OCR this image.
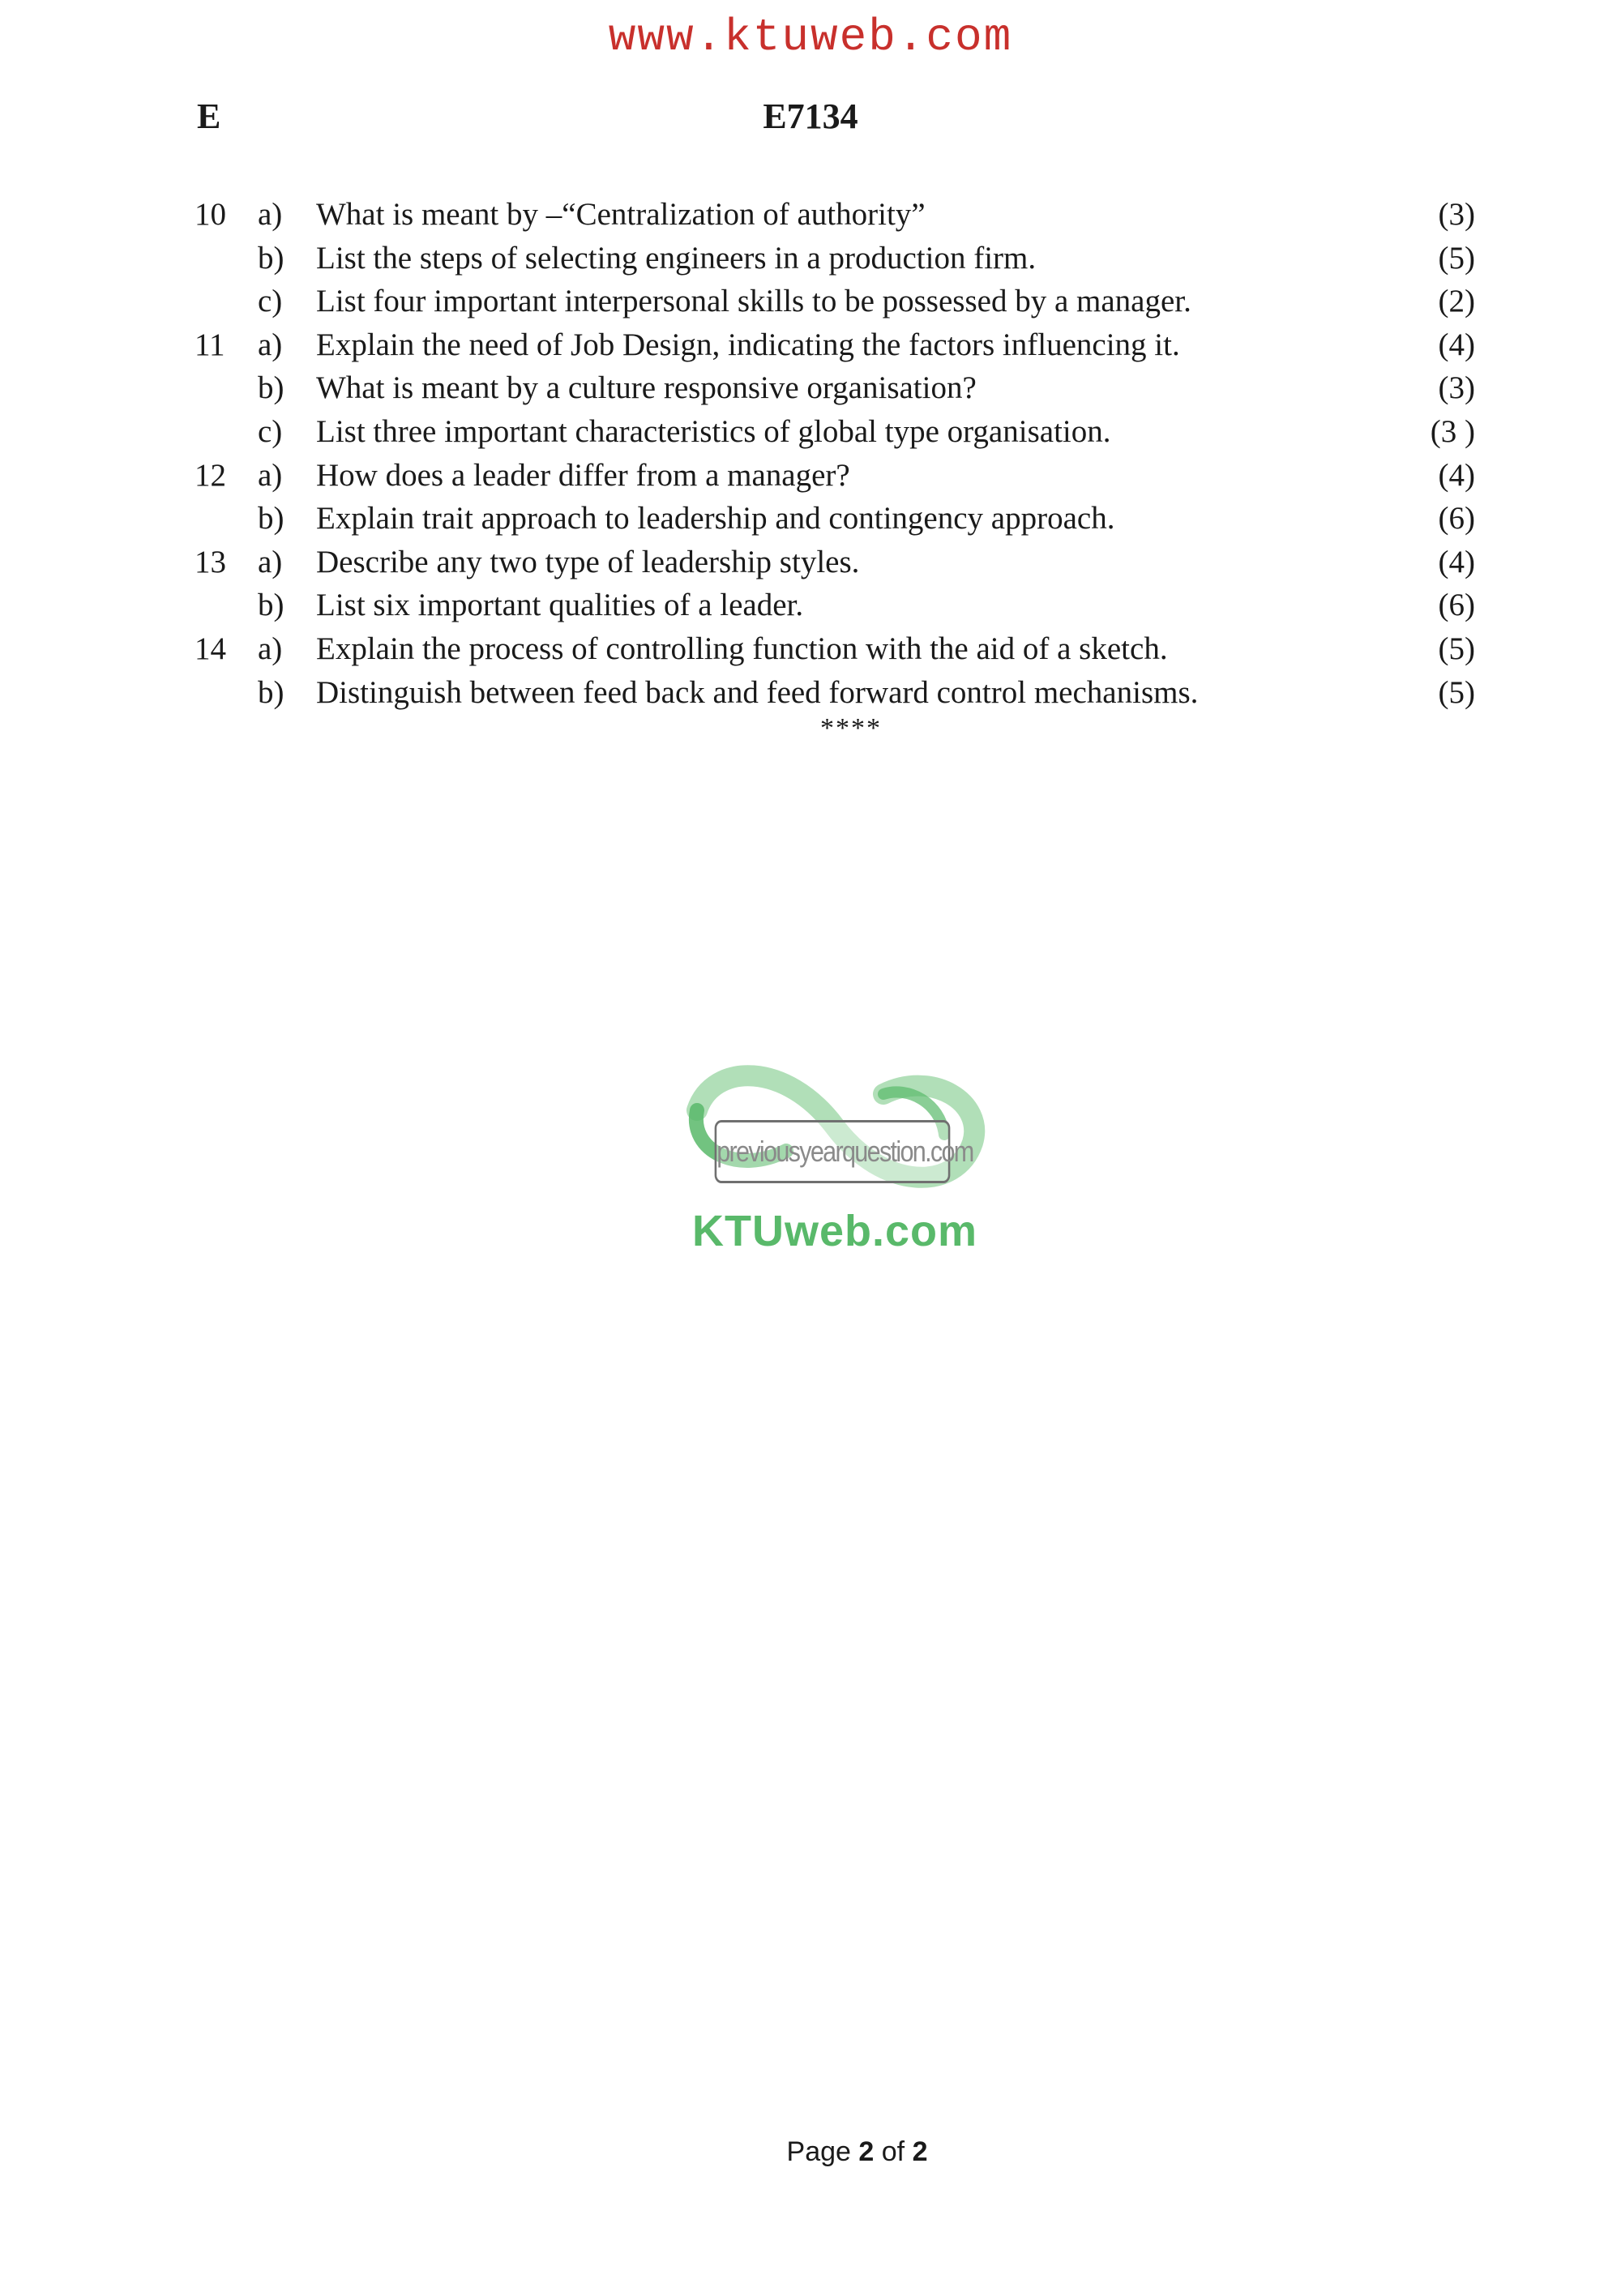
www.ktuweb.com
E	E7134
10	a)	What is meant by –“Centralization of authority”	(3)
b)	List the steps of selecting engineers in a production firm.	(5)
c)	List four important interpersonal skills to be possessed by a manager.	(2)
11	a)	Explain the need of Job Design, indicating the factors influencing it.	(4)
b)	What is meant by a culture responsive organisation?	(3)
c)	List three important characteristics of global type organisation.	(3 )
12	a)	How does a leader differ from a manager?	(4)
b)	Explain trait approach to leadership and contingency approach.	(6)
13	a)	Describe any two type of leadership styles.	(4)
b)	List six important qualities of a leader.	(6)
14	a)	Explain the process of controlling function with the aid of a sketch.	(5)
b)	Distinguish between feed back and feed forward control mechanisms.	(5)
****
previousyearquestion.com
KTUweb.com
Page 2 of 2
